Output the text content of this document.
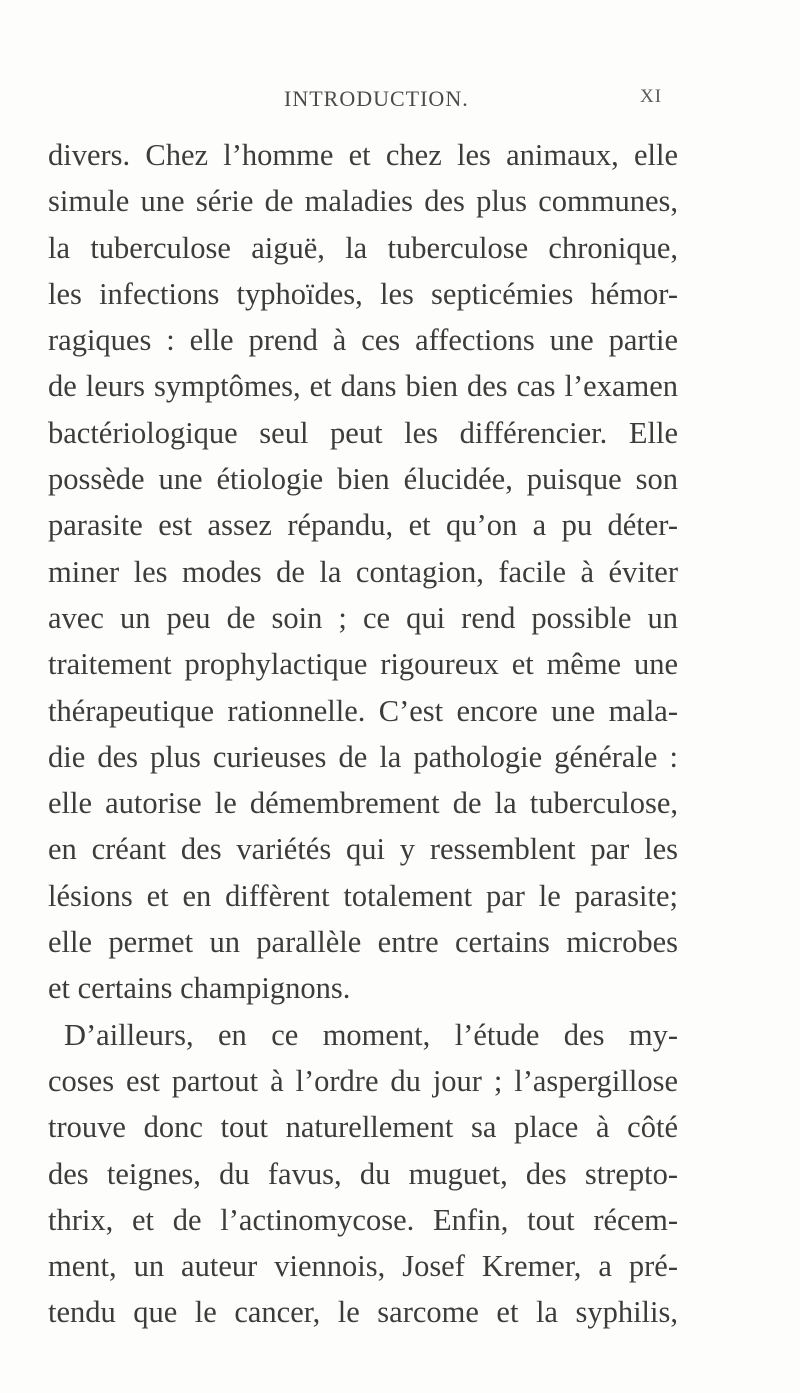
INTRODUCTION.	XI
divers. Chez l’homme et chez les animaux, elle
simule une série de maladies des plus communes,
la tuberculose aiguë, la tuberculose chronique,
les infections typhoïdes, les septicémies hémor-
ragiques : elle prend à ces affections une partie
de leurs symptômes, et dans bien des cas l’examen
bactériologique seul peut les différencier. Elle
possède une étiologie bien élucidée, puisque son
parasite est assez répandu, et qu’on a pu déter-
miner les modes de la contagion, facile à éviter
avec un peu de soin ; ce qui rend possible un
traitement prophylactique rigoureux et même une
thérapeutique rationnelle. C’est encore une mala-
die des plus curieuses de la pathologie générale :
elle autorise le démembrement de la tuberculose,
en créant des variétés qui y ressemblent par les
lésions et en diffèrent totalement par le parasite;
elle permet un parallèle entre certains microbes
et certains champignons.
D’ailleurs, en ce moment, l’étude des my-
coses est partout à l’ordre du jour ; l’aspergillose
trouve donc tout naturellement sa place à côté
des teignes, du favus, du muguet, des strepto-
thrix, et de l’actinomycose. Enfin, tout récem-
ment, un auteur viennois, Josef Kremer, a pré-
tendu que le cancer, le sarcome et la syphilis,
